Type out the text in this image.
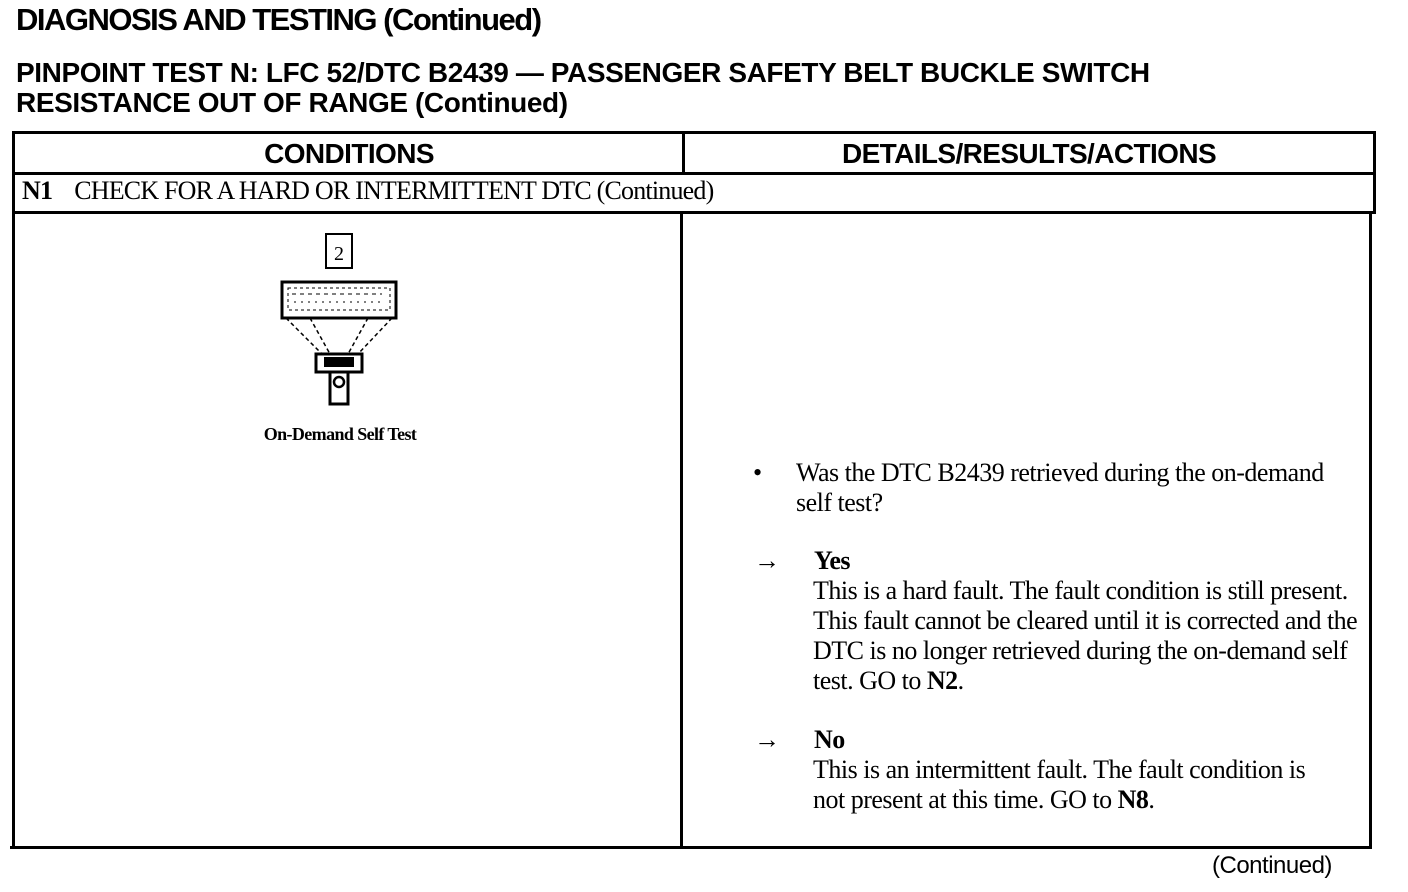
DIAGNOSIS AND TESTING (Continued)
PINPOINT TEST N: LFC 52/DTC B2439 — PASSENGER SAFETY BELT BUCKLE SWITCH
RESISTANCE OUT OF RANGE (Continued)
CONDITIONS	DETAILS/RESULTS/ACTIONS
N1 CHECK FOR A HARD OR INTERMITTENT DTC (Continued)
2
On-Demand Self Test
• Was the DTC B2439 retrieved during the on-demand self test?
→ Yes
This is a hard fault. The fault condition is still present. This fault cannot be cleared until it is corrected and the DTC is no longer retrieved during the on-demand self test. GO to N2.
→ No
This is an intermittent fault. The fault condition is not present at this time. GO to N8.
(Continued)
